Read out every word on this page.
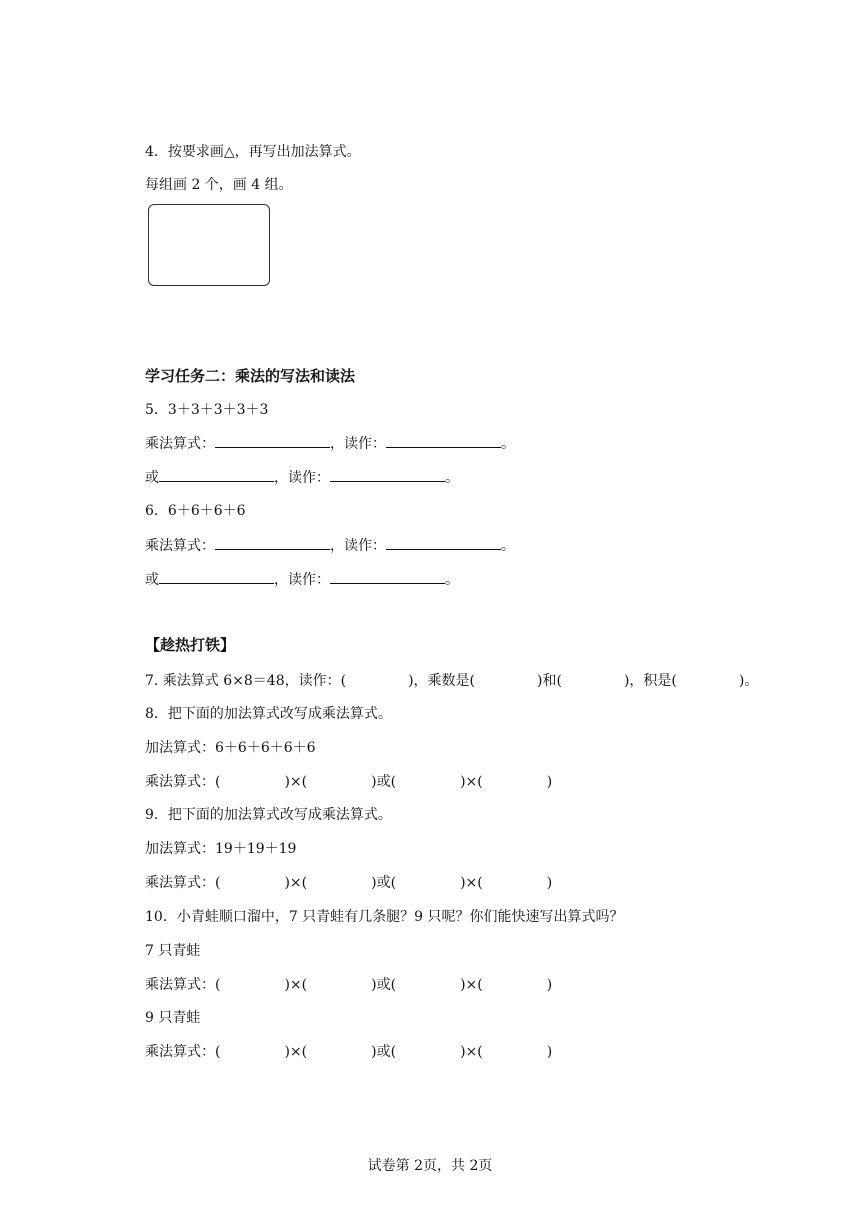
4．按要求画△，再写出加法算式。
每组画 2 个，画 4 组。
学习任务二：乘法的写法和读法
5．3＋3＋3＋3＋3
乘法算式：	，读作：	。
或	，读作：	。
6．6＋6＋6＋6
乘法算式：	，读作：	。
或	，读作：	。
【趁热打铁】
7. 乘法算式 6×8＝48，读作：(	)，乘数是(	)和(	)，积是(	)。
8．把下面的加法算式改写成乘法算式。
加法算式：6＋6＋6＋6＋6
乘法算式：(	)×(	)或(	)×(	)
9．把下面的加法算式改写成乘法算式。
加法算式：19＋19＋19
乘法算式：(	)×(	)或(	)×(	)
10．小青蛙顺口溜中，7 只青蛙有几条腿？9 只呢？你们能快速写出算式吗？
7 只青蛙
乘法算式：(	)×(	)或(	)×(	)
9 只青蛙
乘法算式：(	)×(	)或(	)×(	)
试卷第 2页，共 2页
